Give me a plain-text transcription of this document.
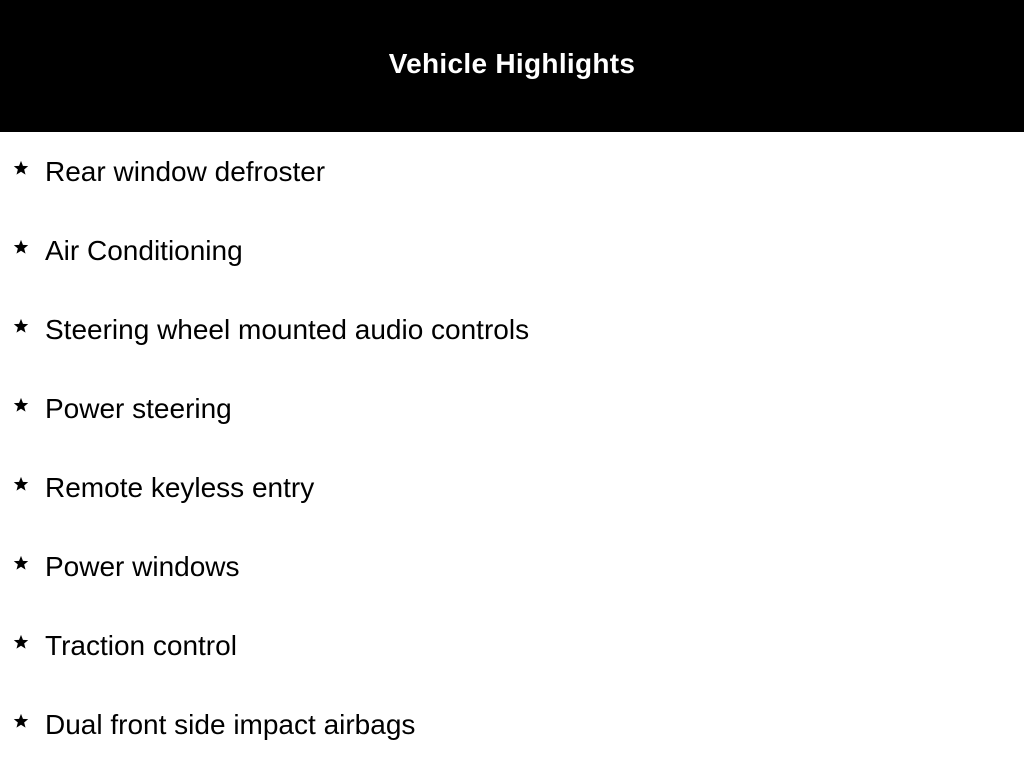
Vehicle Highlights
Rear window defroster
Air Conditioning
Steering wheel mounted audio controls
Power steering
Remote keyless entry
Power windows
Traction control
Dual front side impact airbags
